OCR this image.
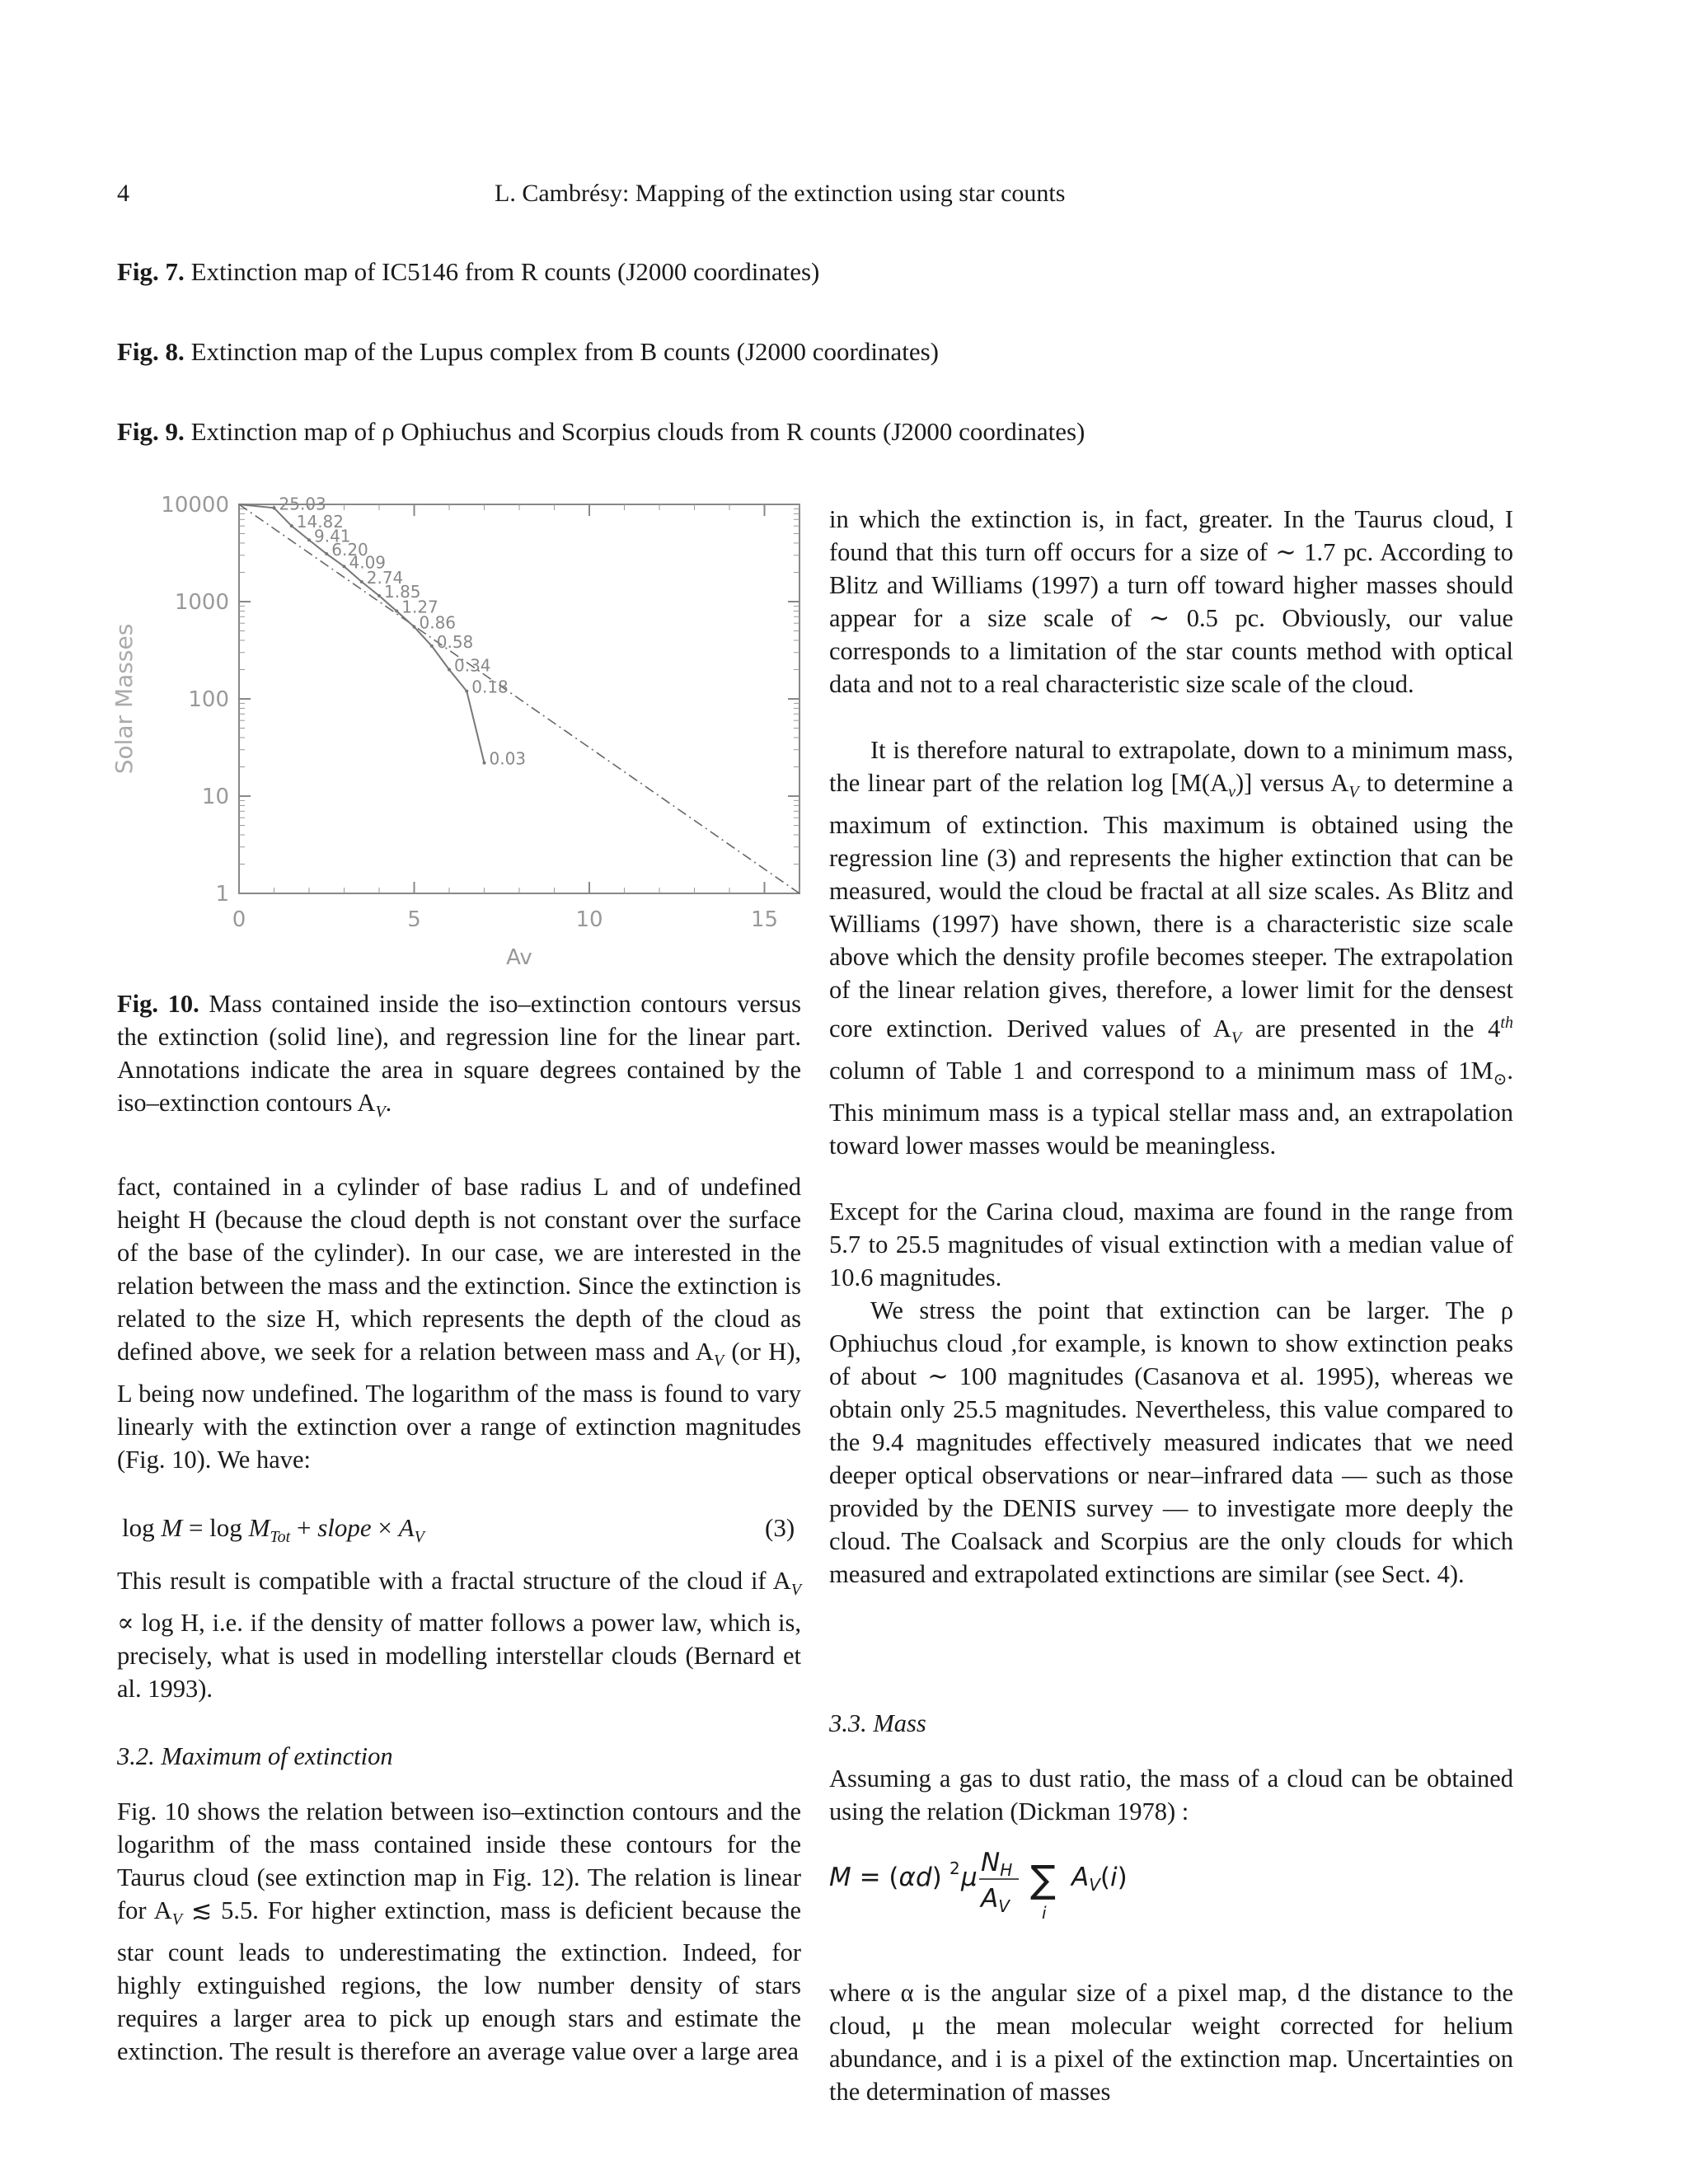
4	L. Cambrésy: Mapping of the extinction using star counts
Fig. 7. Extinction map of IC5146 from R counts (J2000 coordinates)
Fig. 8. Extinction map of the Lupus complex from B counts (J2000 coordinates)
Fig. 9. Extinction map of ρ Ophiuchus and Scorpius clouds from R counts (J2000 coordinates)
1
10
100
1000
10000
0	5	10	15
Solar Masses
Av
25.03
14.82
9.41
6.20
4.09
2.74
1.85
1.27
0.86
0.58
0.34
0.18
0.03

Fig. 10. Mass contained inside the iso–extinction contours versus the extinction (solid line), and regression line for the linear part. Annotations indicate the area in square degrees contained by the iso–extinction contours $A_V$.

fact, contained in a cylinder of base radius L and of undefined height H (because the cloud depth is not constant over the surface of the base of the cylinder). In our case, we are interested in the relation between the mass and the extinction. Since the extinction is related to the size H, which represents the depth of the cloud as defined above, we seek for a relation between mass and $A_V$ (or H), L being now undefined. The logarithm of the mass is found to vary linearly with the extinction over a range of extinction magnitudes (Fig. 10). We have:

$\log M = \log M_{Tot}$ + slope × $A_V$	(3)

This result is compatible with a fractal structure of the cloud if $A_V \propto \log H$, i.e. if the density of matter follows a power law, which is, precisely, what is used in modelling interstellar clouds (Bernard et al. 1993).

3.2. Maximum of extinction

Fig. 10 shows the relation between iso–extinction contours and the logarithm of the mass contained inside these contours for the Taurus cloud (see extinction map in Fig. 12). The relation is linear for $A_V$ ≲ 5.5. For higher extinction, mass is deficient because the star count leads to underestimating the extinction. Indeed, for highly extinguished regions, the low number density of stars requires a larger area to pick up enough stars and estimate the extinction. The result is therefore an average value over a large area

in which the extinction is, in fact, greater. In the Taurus cloud, I found that this turn off occurs for a size of ∼ 1.7 pc. According to Blitz and Williams (1997) a turn off toward higher masses should appear for a size scale of ∼ 0.5 pc. Obviously, our value corresponds to a limitation of the star counts method with optical data and not to a real characteristic size scale of the cloud.

It is therefore natural to extrapolate, down to a minimum mass, the linear part of the relation $\log [M(A_v)]$ versus $A_V$ to determine a maximum of extinction. This maximum is obtained using the regression line (3) and represents the higher extinction that can be measured, would the cloud be fractal at all size scales. As Blitz and Williams (1997) have shown, there is a characteristic size scale above which the density profile becomes steeper. The extrapolation of the linear relation gives, therefore, a lower limit for the densest core extinction. Derived values of $A_V$ are presented in the 4th column of Table 1 and correspond to a minimum mass of $1M_⊙$. This minimum mass is a typical stellar mass and, an extrapolation toward lower masses would be meaningless.

Except for the Carina cloud, maxima are found in the range from 5.7 to 25.5 magnitudes of visual extinction with a median value of 10.6 magnitudes.

We stress the point that extinction can be larger. The ρ Ophiuchus cloud ,for example, is known to show extinction peaks of about ∼ 100 magnitudes (Casanova et al. 1995), whereas we obtain only 25.5 magnitudes. Nevertheless, this value compared to the 9.4 magnitudes effectively measured indicates that we need deeper optical observations or near–infrared data — such as those provided by the DENIS survey — to investigate more deeply the cloud. The Coalsack and Scorpius are the only clouds for which measured and extrapolated extinctions are similar (see Sect. 4).

3.3. Mass

Assuming a gas to dust ratio, the mass of a cloud can be obtained using the relation (Dickman 1978) :

M = (αd) 2 μ NH
AV
∑
i
AV(i)

where α is the angular size of a pixel map, d the distance to the cloud, μ the mean molecular weight corrected for helium abundance, and i is a pixel of the extinction map. Uncertainties on the determination of masses
